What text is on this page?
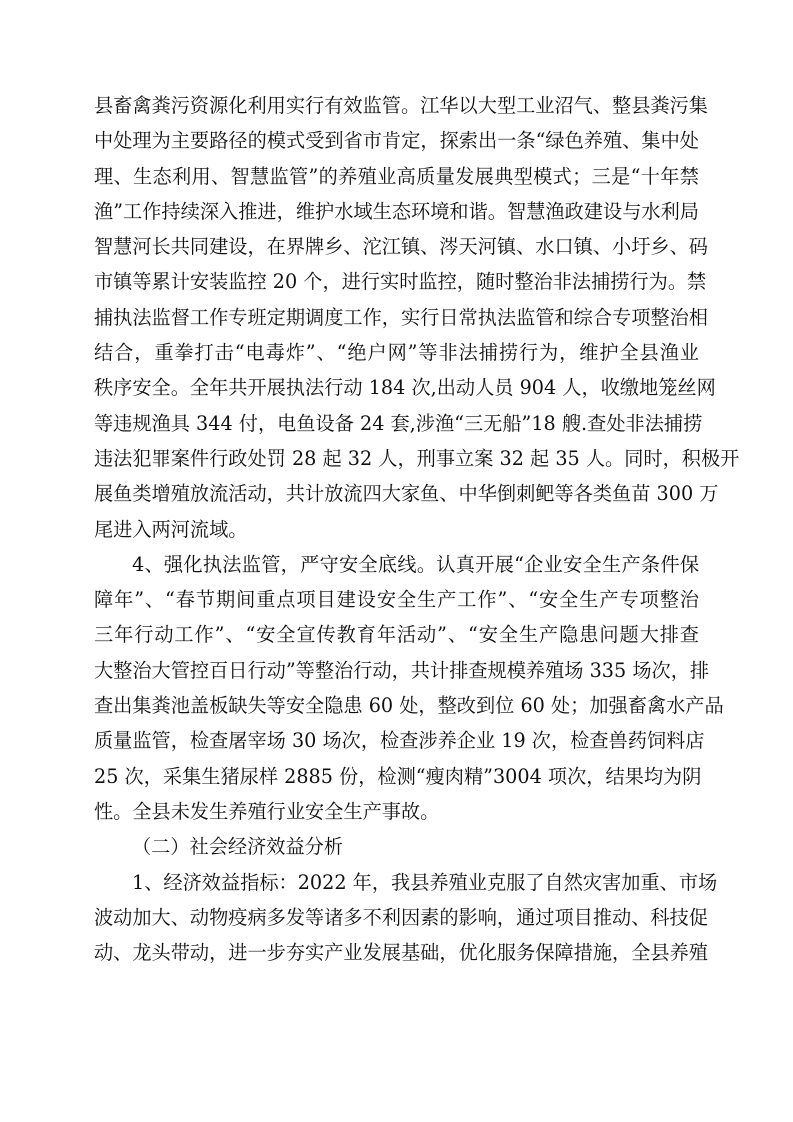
县畜禽粪污资源化利用实行有效监管。江华以大型工业沼气、整县粪污集
中处理为主要路径的模式受到省市肯定，探索出一条“绿色养殖、集中处
理、生态利用、智慧监管”的养殖业高质量发展典型模式；三是“十年禁
渔”工作持续深入推进，维护水域生态环境和谐。智慧渔政建设与水利局
智慧河长共同建设，在界牌乡、沱江镇、涔天河镇、水口镇、小圩乡、码
市镇等累计安装监控 20 个，进行实时监控，随时整治非法捕捞行为。禁
捕执法监督工作专班定期调度工作，实行日常执法监管和综合专项整治相
结合，重拳打击“电毒炸”、“绝户网”等非法捕捞行为，维护全县渔业
秩序安全。全年共开展执法行动 184 次,出动人员 904 人，收缴地笼丝网
等违规渔具 344 付，电鱼设备 24 套,涉渔“三无船”18 艘.查处非法捕捞
违法犯罪案件行政处罚 28 起 32 人，刑事立案 32 起 35 人。同时，积极开
展鱼类增殖放流活动，共计放流四大家鱼、中华倒刺鲃等各类鱼苗 300 万
尾进入两河流域。
4、强化执法监管，严守安全底线。认真开展“企业安全生产条件保
障年”、“春节期间重点项目建设安全生产工作”、“安全生产专项整治
三年行动工作”、“安全宣传教育年活动”、“安全生产隐患问题大排查
大整治大管控百日行动”等整治行动，共计排查规模养殖场 335 场次，排
查出集粪池盖板缺失等安全隐患 60 处，整改到位 60 处；加强畜禽水产品
质量监管，检查屠宰场 30 场次，检查涉养企业 19 次，检查兽药饲料店
25 次，采集生猪尿样 2885 份，检测“瘦肉精”3004 项次，结果均为阴
性。全县未发生养殖行业安全生产事故。
（二）社会经济效益分析
1、经济效益指标：2022 年，我县养殖业克服了自然灾害加重、市场
波动加大、动物疫病多发等诸多不利因素的影响，通过项目推动、科技促
动、龙头带动，进一步夯实产业发展基础，优化服务保障措施，全县养殖
